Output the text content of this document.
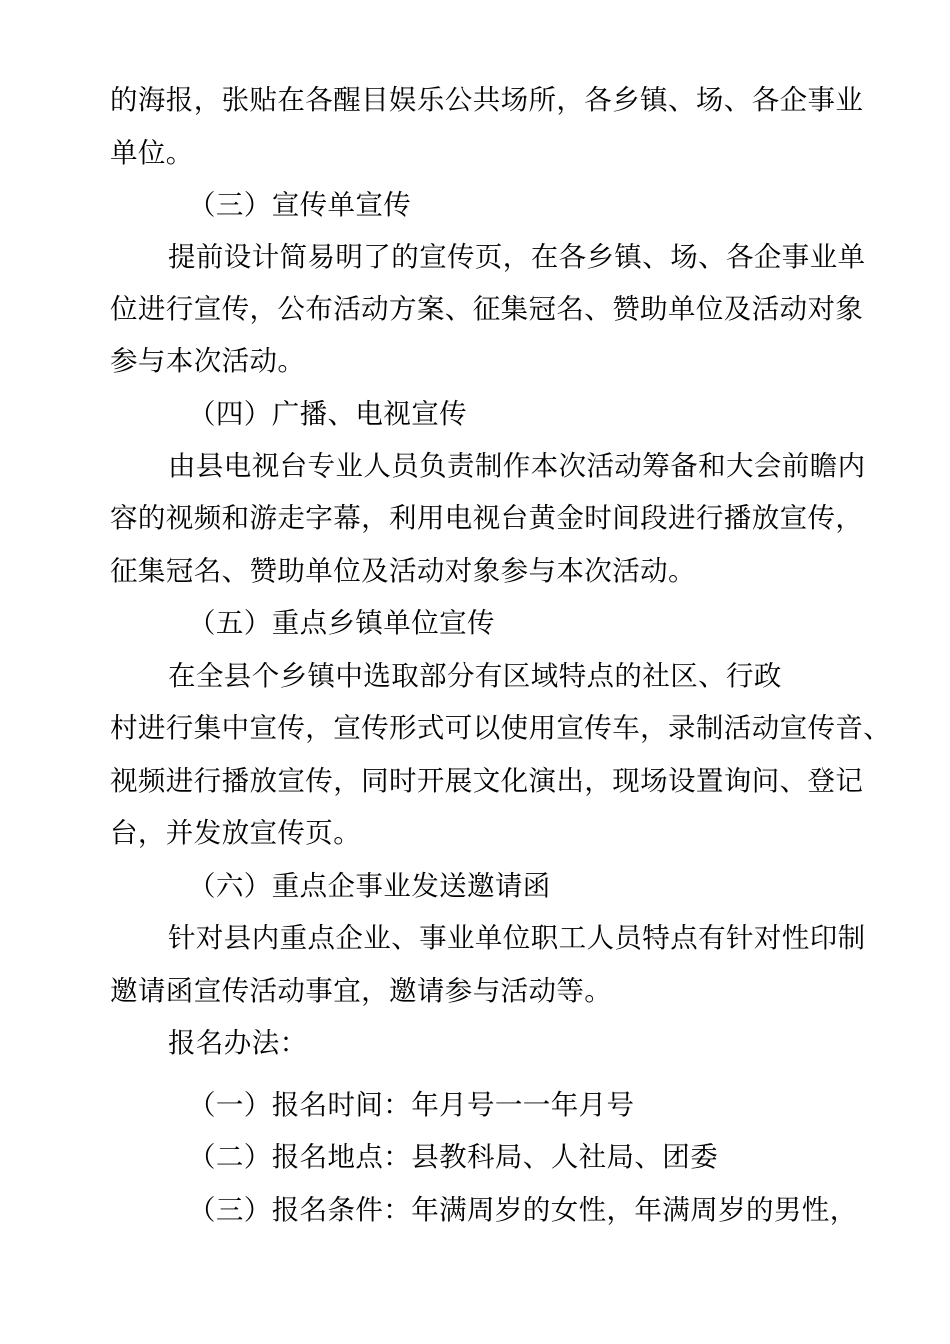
的海报，张贴在各醒目娱乐公共场所，各乡镇、场、各企事业
单位。
（三）宣传单宣传
提前设计简易明了的宣传页，在各乡镇、场、各企事业单
位进行宣传，公布活动方案、征集冠名、赞助单位及活动对象
参与本次活动。
（四）广播、电视宣传
由县电视台专业人员负责制作本次活动筹备和大会前瞻内
容的视频和游走字幕，利用电视台黄金时间段进行播放宣传，
征集冠名、赞助单位及活动对象参与本次活动。
（五）重点乡镇单位宣传
在全县个乡镇中选取部分有区域特点的社区、行政
村进行集中宣传，宣传形式可以使用宣传车，录制活动宣传音、
视频进行播放宣传，同时开展文化演出，现场设置询问、登记
台，并发放宣传页。
（六）重点企事业发送邀请函
针对县内重点企业、事业单位职工人员特点有针对性印制
邀请函宣传活动事宜，邀请参与活动等。
报名办法：
（一）报名时间：年月号一一年月号
（二）报名地点：县教科局、人社局、团委
（三）报名条件：年满周岁的女性，年满周岁的男性，
